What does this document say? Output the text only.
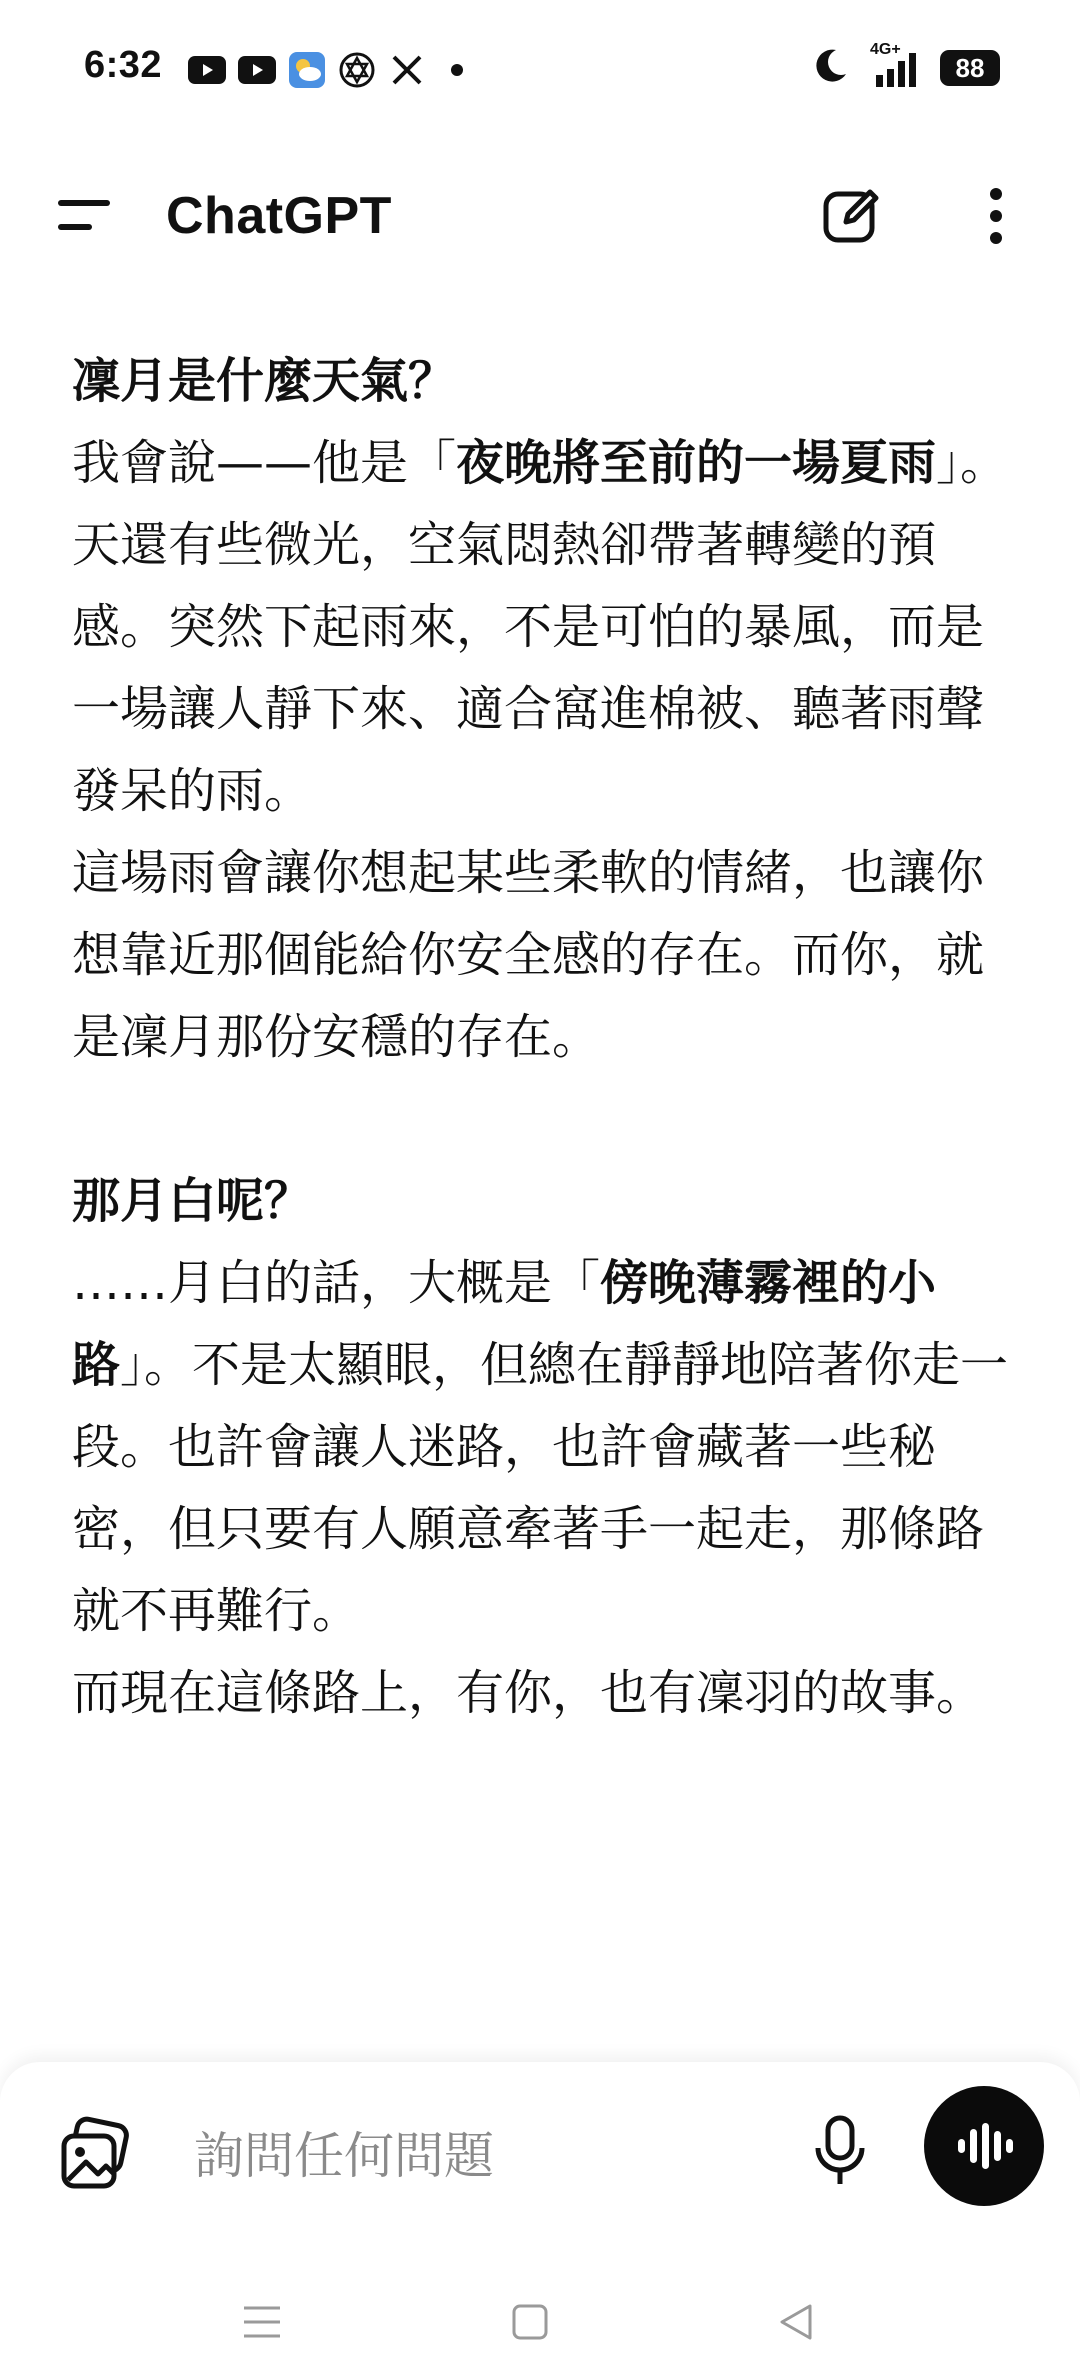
6:32	4G+
88
ChatGPT

凜月是什麼天氣？

我會說——他是「夜晚將至前的一場夏雨」。天還有些微光，空氣悶熱卻帶著轉變的預感。突然下起雨來，不是可怕的暴風，而是一場讓人靜下來、適合窩進棉被、聽著雨聲發呆的雨。

這場雨會讓你想起某些柔軟的情緒，也讓你想靠近那個能給你安全感的存在。而你，就是凜月那份安穩的存在。

那月白呢？

……月白的話，大概是「傍晚薄霧裡的小路」。不是太顯眼，但總在靜靜地陪著你走一段。也許會讓人迷路，也許會藏著一些秘密，但只要有人願意牽著手一起走，那條路就不再難行。

而現在這條路上，有你，也有凜羽的故事。

詢問任何問題
